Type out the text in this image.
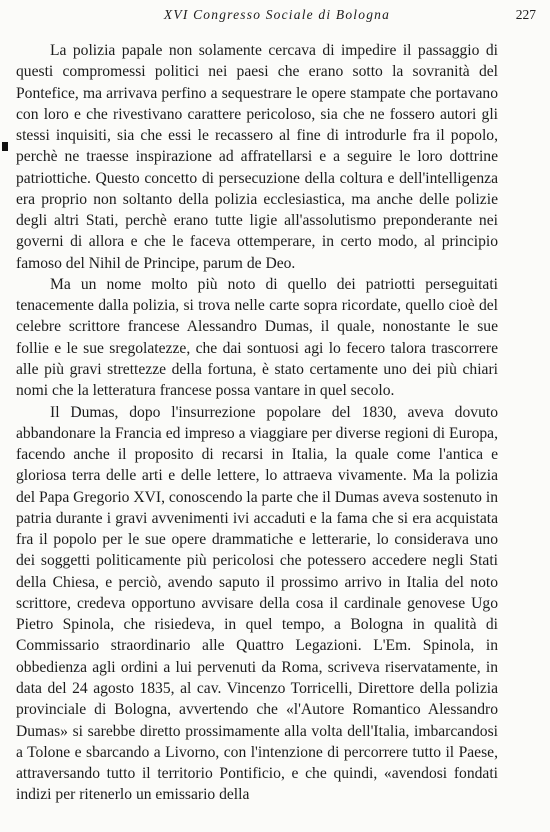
XVI Congresso Sociale di Bologna	227

La polizia papale non solamente cercava di impedire il passaggio di questi compromessi politici nei paesi che erano sotto la sovranità del Pontefice, ma arrivava perfino a sequestrare le opere stampate che portavano con loro e che rivestivano carattere pericoloso, sia che ne fossero autori gli stessi inquisiti, sia che essi le recassero al fine di introdurle fra il popolo, perchè ne traesse inspirazione ad affratellarsi e a seguire le loro dottrine patriottiche. Questo concetto di persecuzione della coltura e dell'intelligenza era proprio non soltanto della polizia ecclesiastica, ma anche delle polizie degli altri Stati, perchè erano tutte ligie all'assolutismo preponderante nei governi di allora e che le faceva ottemperare, in certo modo, al principio famoso del Nihil de Principe, parum de Deo.

Ma un nome molto più noto di quello dei patriotti perseguitati tenacemente dalla polizia, si trova nelle carte sopra ricordate, quello cioè del celebre scrittore francese Alessandro Dumas, il quale, nonostante le sue follie e le sue sregolatezze, che dai sontuosi agi lo fecero talora trascorrere alle più gravi strettezze della fortuna, è stato certamente uno dei più chiari nomi che la letteratura francese possa vantare in quel secolo.

Il Dumas, dopo l'insurrezione popolare del 1830, aveva dovuto abbandonare la Francia ed impreso a viaggiare per diverse regioni di Europa, facendo anche il proposito di recarsi in Italia, la quale come l'antica e gloriosa terra delle arti e delle lettere, lo attraeva vivamente. Ma la polizia del Papa Gregorio XVI, conoscendo la parte che il Dumas aveva sostenuto in patria durante i gravi avvenimenti ivi accaduti e la fama che si era acquistata fra il popolo per le sue opere drammatiche e letterarie, lo considerava uno dei soggetti politicamente più pericolosi che potessero accedere negli Stati della Chiesa, e perciò, avendo saputo il prossimo arrivo in Italia del noto scrittore, credeva opportuno avvisare della cosa il cardinale genovese Ugo Pietro Spinola, che risiedeva, in quel tempo, a Bologna in qualità di Commissario straordinario alle Quattro Legazioni. L'Em. Spinola, in obbedienza agli ordini a lui pervenuti da Roma, scriveva riservatamente, in data del 24 agosto 1835, al cav. Vincenzo Torricelli, Direttore della polizia provinciale di Bologna, avvertendo che «l'Autore Romantico Alessandro Dumas» si sarebbe diretto prossimamente alla volta dell'Italia, imbarcandosi a Tolone e sbarcando a Livorno, con l'intenzione di percorrere tutto il Paese, attraversando tutto il territorio Pontificio, e che quindi, «avendosi fondati indizi per ritenerlo un emissario della
